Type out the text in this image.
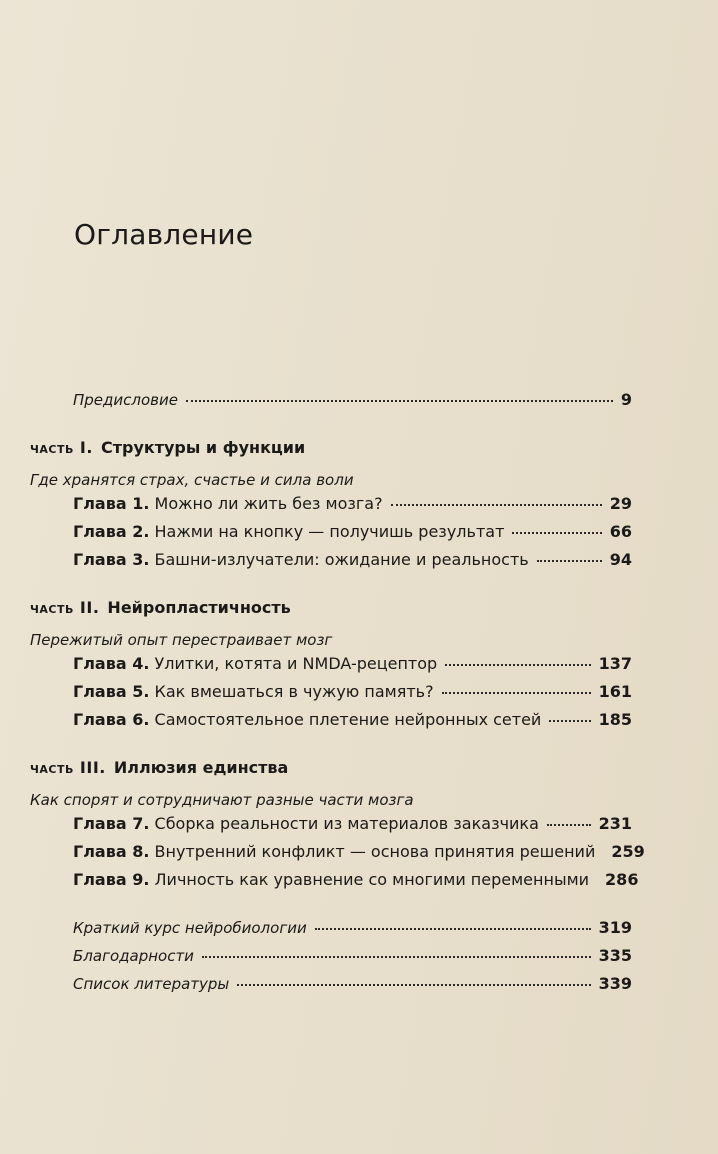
Оглавление
Предисловие	9
часть I. Структуры и функции
Где хранятся страх, счастье и сила воли
Глава 1. Можно ли жить без мозга?	29
Глава 2. Нажми на кнопку — получишь результат	66
Глава 3. Башни-излучатели: ожидание и реальность	94
часть II. Нейропластичность
Пережитый опыт перестраивает мозг
Глава 4. Улитки, котята и NMDA-рецептор	137
Глава 5. Как вмешаться в чужую память?	161
Глава 6. Самостоятельное плетение нейронных сетей	185
часть III. Иллюзия единства
Как спорят и сотрудничают разные части мозга
Глава 7. Сборка реальности из материалов заказчика	231
Глава 8. Внутренний конфликт — основа принятия решений 259
Глава 9. Личность как уравнение со многими переменными 286
Краткий курс нейробиологии	319
Благодарности	335
Список литературы	339
